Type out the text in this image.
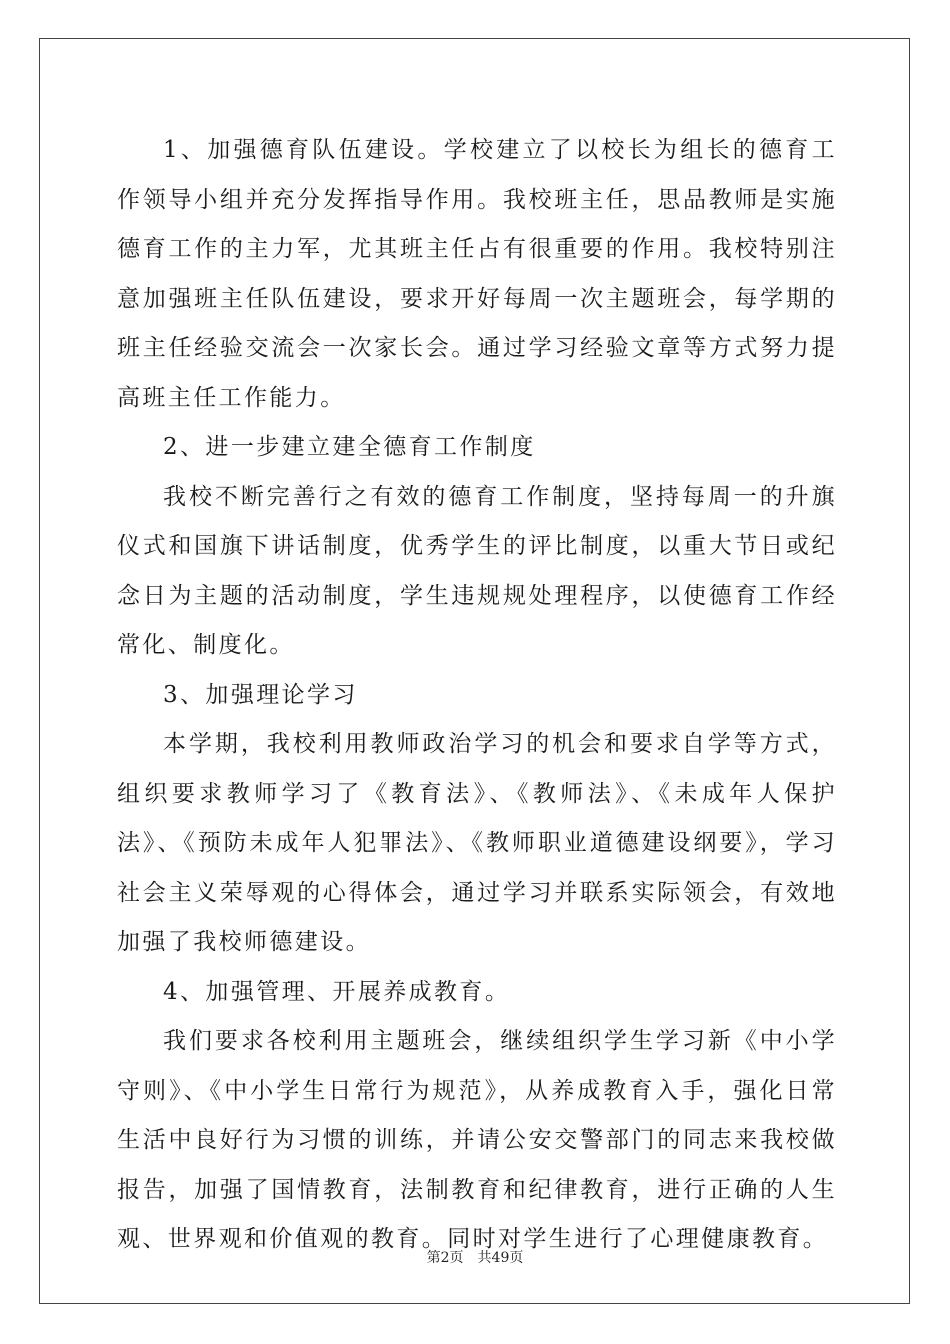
1、加强德育队伍建设。学校建立了以校长为组长的德育工作领导小组并充分发挥指导作用。我校班主任，思品教师是实施德育工作的主力军，尤其班主任占有很重要的作用。我校特别注意加强班主任队伍建设，要求开好每周一次主题班会，每学期的班主任经验交流会一次家长会。通过学习经验文章等方式努力提高班主任工作能力。

2、进一步建立建全德育工作制度

我校不断完善行之有效的德育工作制度，坚持每周一的升旗仪式和国旗下讲话制度，优秀学生的评比制度，以重大节日或纪念日为主题的活动制度，学生违规规处理程序，以使德育工作经常化、制度化。

3、加强理论学习

本学期，我校利用教师政治学习的机会和要求自学等方式，组织要求教师学习了《教育法》、《教师法》、《未成年人保护法》、《预防未成年人犯罪法》、《教师职业道德建设纲要》，学习社会主义荣辱观的心得体会，通过学习并联系实际领会，有效地加强了我校师德建设。

4、加强管理、开展养成教育。

我们要求各校利用主题班会，继续组织学生学习新《中小学守则》、《中小学生日常行为规范》，从养成教育入手，强化日常生活中良好行为习惯的训练，并请公安交警部门的同志来我校做报告，加强了国情教育，法制教育和纪律教育，进行正确的人生观、世界观和价值观的教育。同时对学生进行了心理健康教育。

第2页 共49页
